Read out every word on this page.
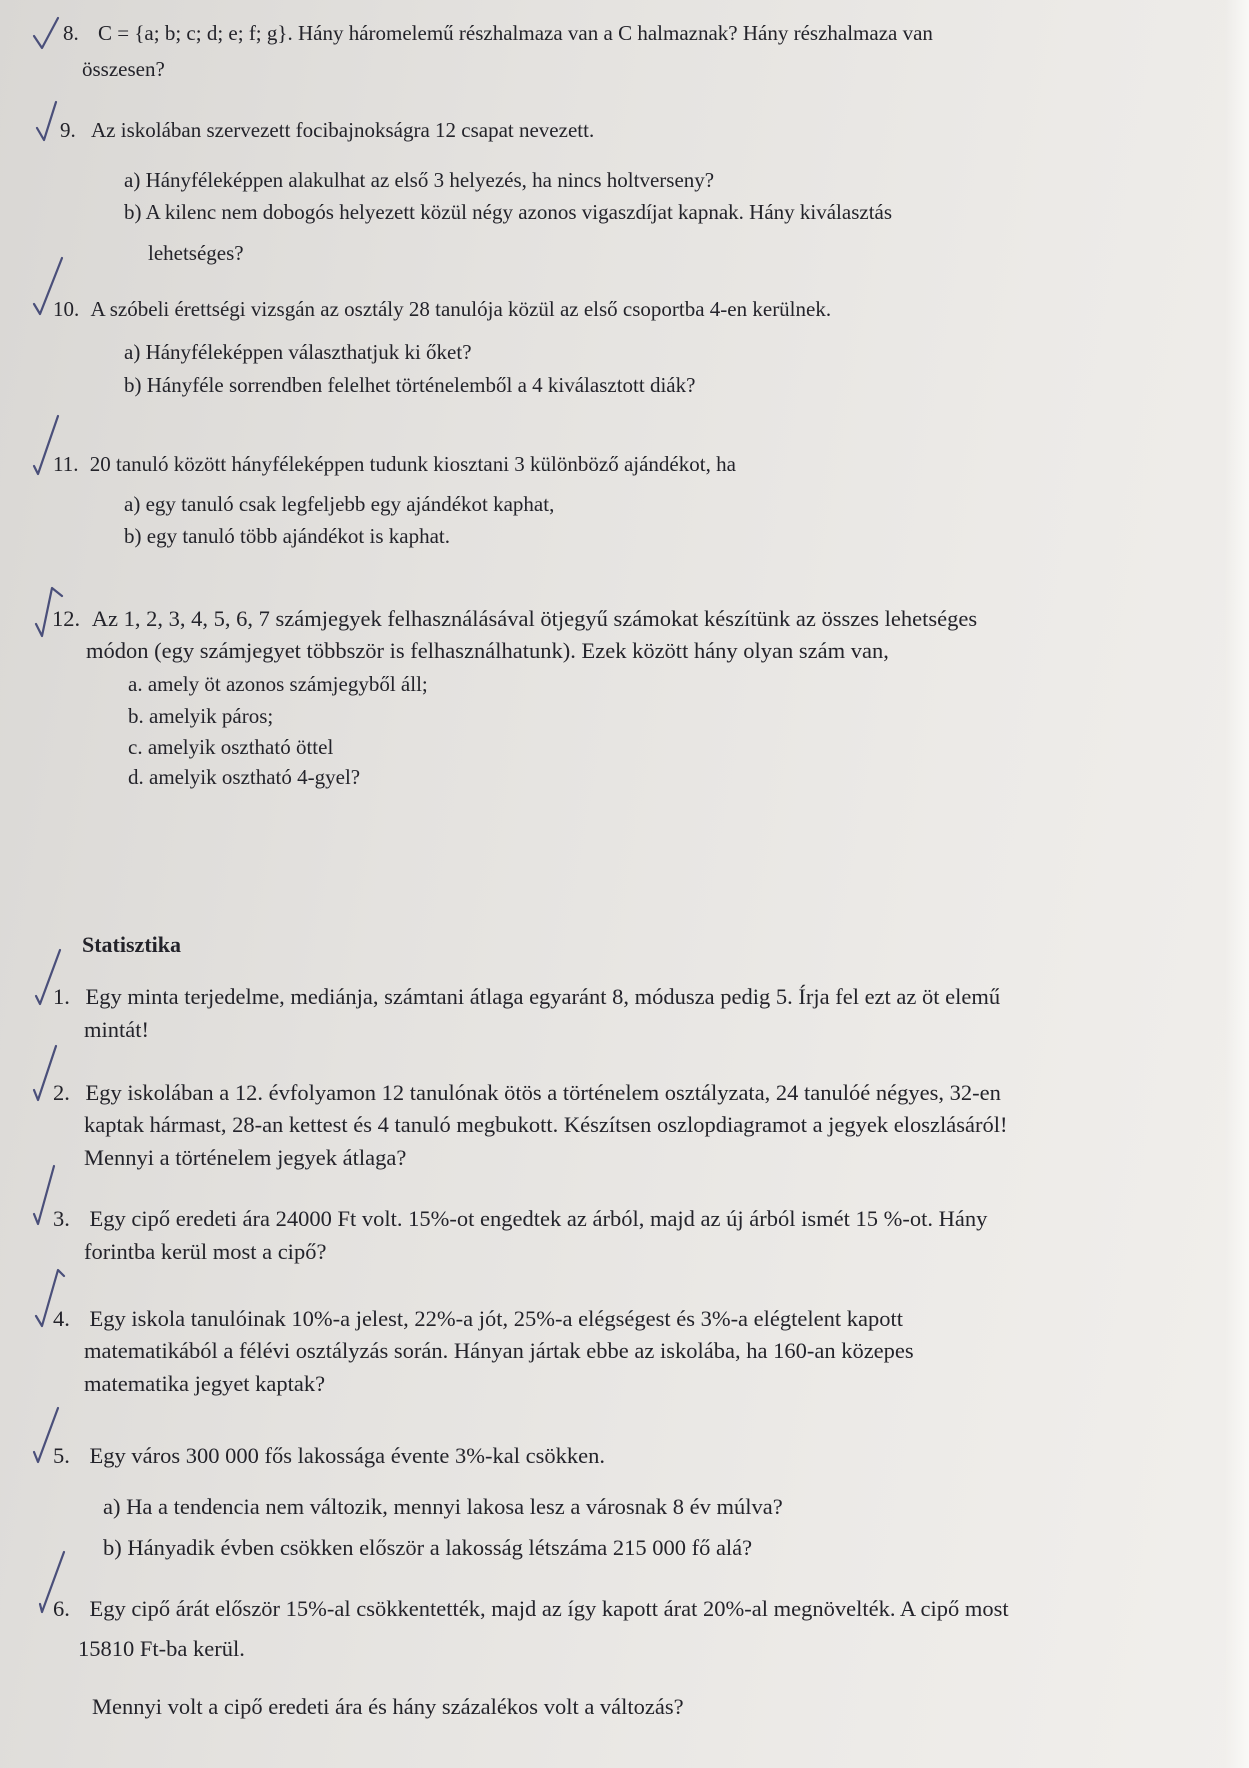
8. C = {a; b; c; d; e; f; g}. Hány háromelemű részhalmaza van a C halmaznak? Hány részhalmaza van
összesen?
9. Az iskolában szervezett focibajnokságra 12 csapat nevezett.
a) Hányféleképpen alakulhat az első 3 helyezés, ha nincs holtverseny?
b) A kilenc nem dobogós helyezett közül négy azonos vigaszdíjat kapnak. Hány kiválasztás
lehetséges?
10. A szóbeli érettségi vizsgán az osztály 28 tanulója közül az első csoportba 4-en kerülnek.
a) Hányféleképpen választhatjuk ki őket?
b) Hányféle sorrendben felelhet történelemből a 4 kiválasztott diák?
11. 20 tanuló között hányféleképpen tudunk kiosztani 3 különböző ajándékot, ha
a) egy tanuló csak legfeljebb egy ajándékot kaphat,
b) egy tanuló több ajándékot is kaphat.
12. Az 1, 2, 3, 4, 5, 6, 7 számjegyek felhasználásával ötjegyű számokat készítünk az összes lehetséges
módon (egy számjegyet többször is felhasználhatunk). Ezek között hány olyan szám van,
a. amely öt azonos számjegyből áll;
b. amelyik páros;
c. amelyik osztható öttel
d. amelyik osztható 4-gyel?
Statisztika
1. Egy minta terjedelme, mediánja, számtani átlaga egyaránt 8, módusza pedig 5. Írja fel ezt az öt elemű
mintát!
2. Egy iskolában a 12. évfolyamon 12 tanulónak ötös a történelem osztályzata, 24 tanulóé négyes, 32-en
kaptak hármast, 28-an kettest és 4 tanuló megbukott. Készítsen oszlopdiagramot a jegyek eloszlásáról!
Mennyi a történelem jegyek átlaga?
3. Egy cipő eredeti ára 24000 Ft volt. 15%-ot engedtek az árból, majd az új árból ismét 15 %-ot. Hány
forintba kerül most a cipő?
4. Egy iskola tanulóinak 10%-a jelest, 22%-a jót, 25%-a elégségest és 3%-a elégtelent kapott
matematikából a félévi osztályzás során. Hányan jártak ebbe az iskolába, ha 160-an közepes
matematika jegyet kaptak?
5. Egy város 300 000 fős lakossága évente 3%-kal csökken.
a) Ha a tendencia nem változik, mennyi lakosa lesz a városnak 8 év múlva?
b) Hányadik évben csökken először a lakosság létszáma 215 000 fő alá?
6. Egy cipő árát először 15%-al csökkentették, majd az így kapott árat 20%-al megnövelték. A cipő most
15810 Ft-ba kerül.
Mennyi volt a cipő eredeti ára és hány százalékos volt a változás?
